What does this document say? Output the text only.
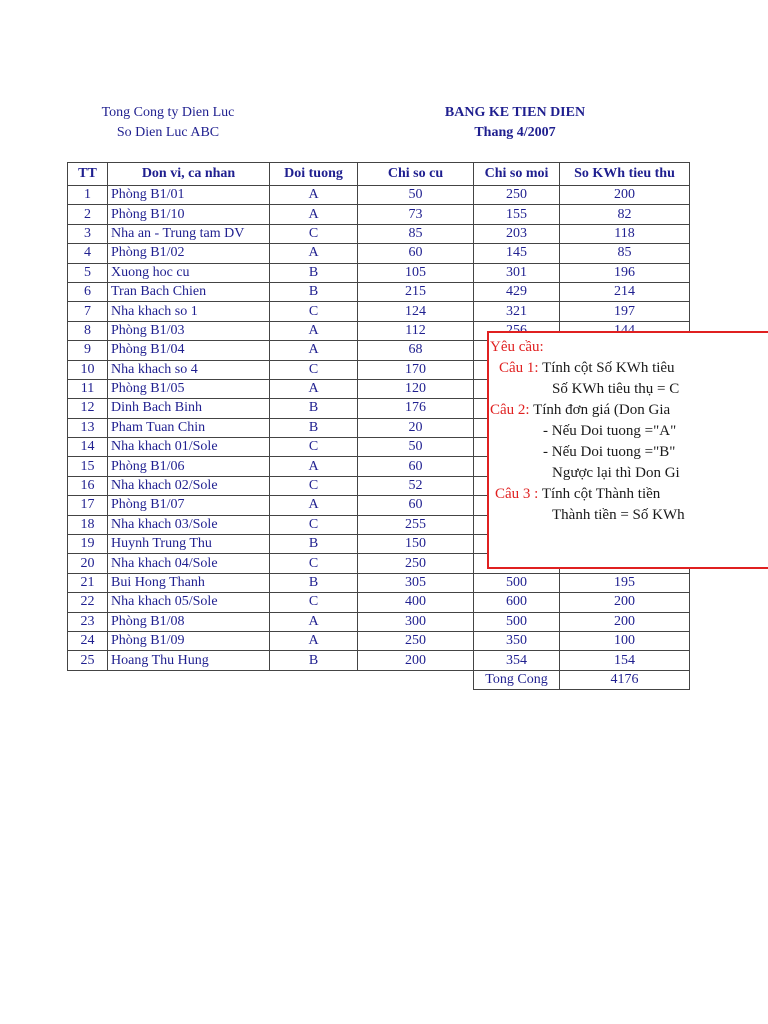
Tong Cong ty Dien Luc
So Dien Luc ABC
BANG KE TIEN DIEN
Thang 4/2007
TT	Don vi, ca nhan	Doi tuong	Chi so cu	Chi so moi	So KWh tieu thu
1	Phòng B1/01	A	50	250	200
2	Phòng B1/10	A	73	155	82
3	Nha an - Trung tam DV	C	85	203	118
4	Phòng B1/02	A	60	145	85
5	Xuong hoc cu	B	105	301	196
6	Tran Bach Chien	B	215	429	214
7	Nha khach so 1	C	124	321	197
8	Phòng B1/03	A	112		
9	Phòng B1/04	A	68		
10	Nha khach so 4	C	170		
11	Phòng B1/05	A	120		
12	Dinh Bach Binh	B	176		
13	Pham Tuan Chin	B	20		
14	Nha khach 01/Sole	C	50		
15	Phòng B1/06	A	60		
16	Nha khach 02/Sole	C	52		
17	Phòng B1/07	A	60		
18	Nha khach 03/Sole	C	255		
19	Huynh Trung Thu	B	150		
20	Nha khach 04/Sole	C	250		
21	Bui Hong Thanh	B	305	500	195
22	Nha khach 05/Sole	C	400	600	200
23	Phòng B1/08	A	300	500	200
24	Phòng B1/09	A	250	350	100
25	Hoang Thu Hung	B	200	354	154
				Tong Cong	4176
Yêu cầu:
Câu 1: Tính cột Số KWh tiêu
Số KWh tiêu thụ = C
Câu 2: Tính đơn giá (Don Gia
- Nếu Doi tuong ="A"
- Nếu Doi tuong ="B"
Ngược lại thì Don Gi
Câu 3 : Tính cột Thành tiền
Thành tiền = Số KWh
